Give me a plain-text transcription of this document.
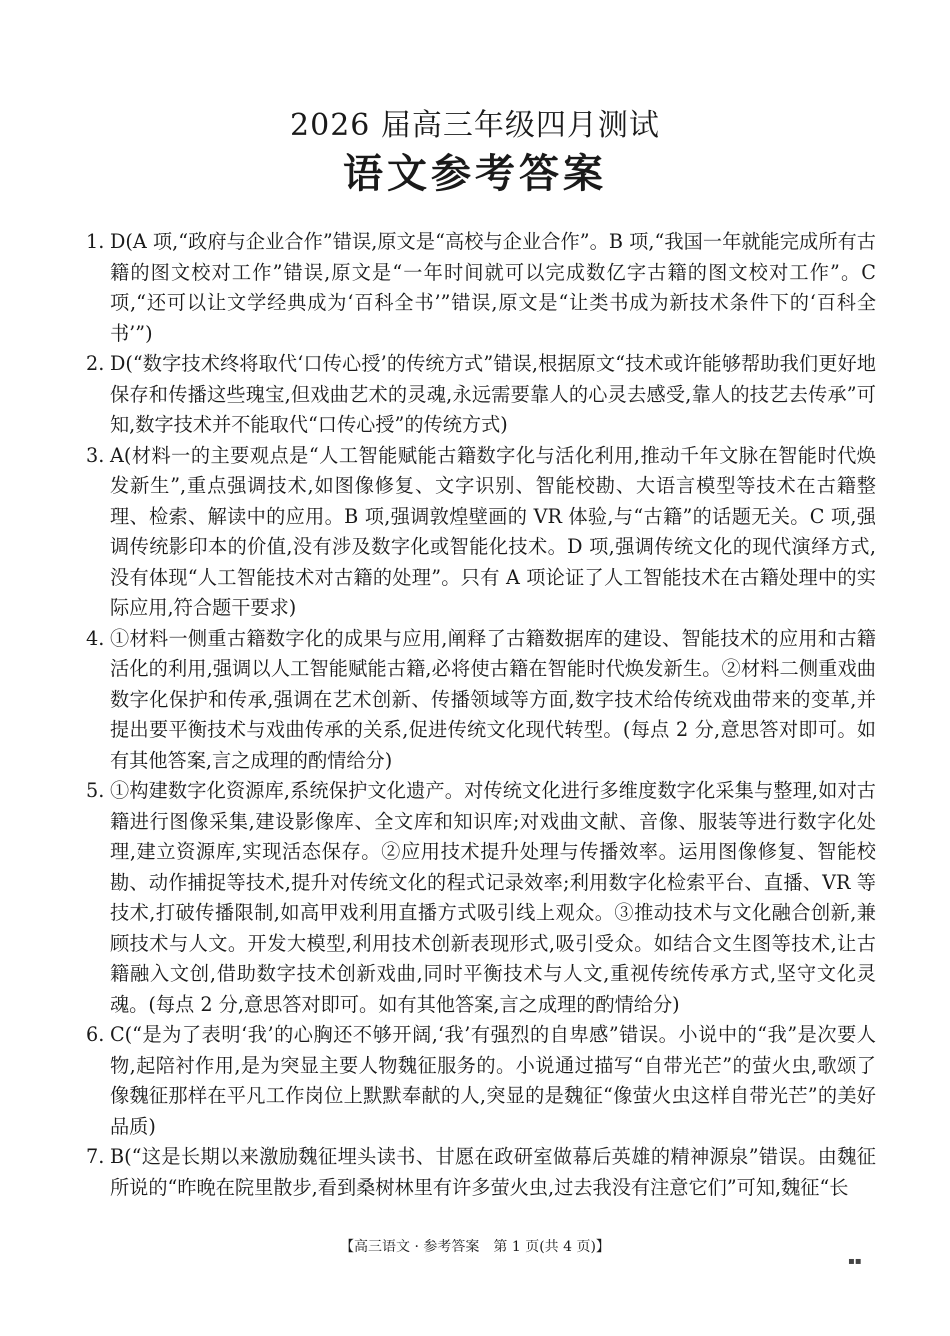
2026 届高三年级四月测试
语文参考答案
1. D(A 项,“政府与企业合作”错误,原文是“高校与企业合作”。B 项,“我国一年就能完成所有古籍的图文校对工作”错误,原文是“一年时间就可以完成数亿字古籍的图文校对工作”。C 项,“还可以让文学经典成为‘百科全书’”错误,原文是“让类书成为新技术条件下的‘百科全书’”)
2. D(“数字技术终将取代‘口传心授’的传统方式”错误,根据原文“技术或许能够帮助我们更好地保存和传播这些瑰宝,但戏曲艺术的灵魂,永远需要靠人的心灵去感受,靠人的技艺去传承”可知,数字技术并不能取代“口传心授”的传统方式)
3. A(材料一的主要观点是“人工智能赋能古籍数字化与活化利用,推动千年文脉在智能时代焕发新生”,重点强调技术,如图像修复、文字识别、智能校勘、大语言模型等技术在古籍整理、检索、解读中的应用。B 项,强调敦煌壁画的 VR 体验,与“古籍”的话题无关。C 项,强调传统影印本的价值,没有涉及数字化或智能化技术。D 项,强调传统文化的现代演绎方式,没有体现“人工智能技术对古籍的处理”。只有 A 项论证了人工智能技术在古籍处理中的实际应用,符合题干要求)
4. ①材料一侧重古籍数字化的成果与应用,阐释了古籍数据库的建设、智能技术的应用和古籍活化的利用,强调以人工智能赋能古籍,必将使古籍在智能时代焕发新生。②材料二侧重戏曲数字化保护和传承,强调在艺术创新、传播领域等方面,数字技术给传统戏曲带来的变革,并提出要平衡技术与戏曲传承的关系,促进传统文化现代转型。(每点 2 分,意思答对即可。如有其他答案,言之成理的酌情给分)
5. ①构建数字化资源库,系统保护文化遗产。对传统文化进行多维度数字化采集与整理,如对古籍进行图像采集,建设影像库、全文库和知识库;对戏曲文献、音像、服装等进行数字化处理,建立资源库,实现活态保存。②应用技术提升处理与传播效率。运用图像修复、智能校勘、动作捕捉等技术,提升对传统文化的程式记录效率;利用数字化检索平台、直播、VR 等技术,打破传播限制,如高甲戏利用直播方式吸引线上观众。③推动技术与文化融合创新,兼顾技术与人文。开发大模型,利用技术创新表现形式,吸引受众。如结合文生图等技术,让古籍融入文创,借助数字技术创新戏曲,同时平衡技术与人文,重视传统传承方式,坚守文化灵魂。(每点 2 分,意思答对即可。如有其他答案,言之成理的酌情给分)
6. C(“是为了表明‘我’的心胸还不够开阔,‘我’有强烈的自卑感”错误。小说中的“我”是次要人物,起陪衬作用,是为突显主要人物魏征服务的。小说通过描写“自带光芒”的萤火虫,歌颂了像魏征那样在平凡工作岗位上默默奉献的人,突显的是魏征“像萤火虫这样自带光芒”的美好品质)
7. B(“这是长期以来激励魏征埋头读书、甘愿在政研室做幕后英雄的精神源泉”错误。由魏征所说的“昨晚在院里散步,看到桑树林里有许多萤火虫,过去我没有注意它们”可知,魏征“长
【高三语文 · 参考答案　第 1 页(共 4 页)】
▪▪
